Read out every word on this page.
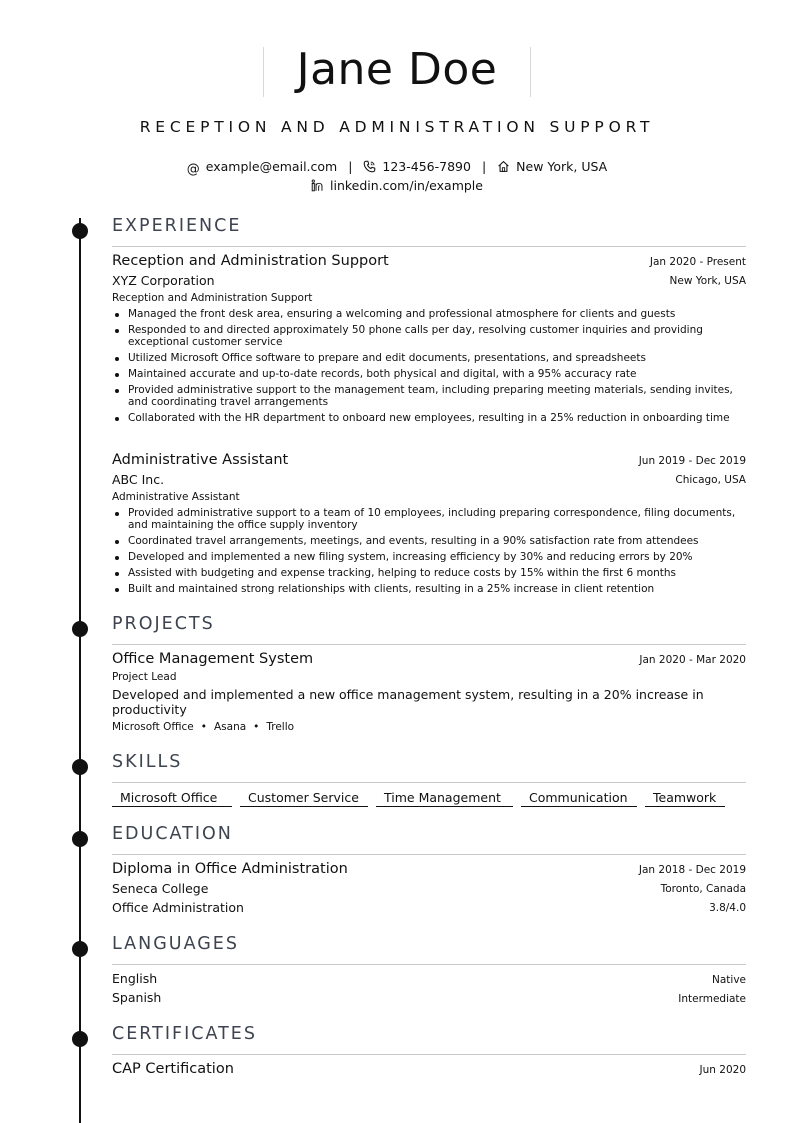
Jane Doe
RECEPTION AND ADMINISTRATION SUPPORT
@ example@email.com | 123-456-7890 | New York, USA
linkedin.com/in/example
EXPERIENCE
Reception and Administration Support	Jan 2020 - Present
XYZ Corporation	New York, USA
Reception and Administration Support
Managed the front desk area, ensuring a welcoming and professional atmosphere for clients and guests
Responded to and directed approximately 50 phone calls per day, resolving customer inquiries and providing exceptional customer service
Utilized Microsoft Office software to prepare and edit documents, presentations, and spreadsheets
Maintained accurate and up-to-date records, both physical and digital, with a 95% accuracy rate
Provided administrative support to the management team, including preparing meeting materials, sending invites, and coordinating travel arrangements
Collaborated with the HR department to onboard new employees, resulting in a 25% reduction in onboarding time
Administrative Assistant	Jun 2019 - Dec 2019
ABC Inc.	Chicago, USA
Administrative Assistant
Provided administrative support to a team of 10 employees, including preparing correspondence, filing documents, and maintaining the office supply inventory
Coordinated travel arrangements, meetings, and events, resulting in a 90% satisfaction rate from attendees
Developed and implemented a new filing system, increasing efficiency by 30% and reducing errors by 20%
Assisted with budgeting and expense tracking, helping to reduce costs by 15% within the first 6 months
Built and maintained strong relationships with clients, resulting in a 25% increase in client retention
PROJECTS
Office Management System	Jan 2020 - Mar 2020
Project Lead
Developed and implemented a new office management system, resulting in a 20% increase in productivity
Microsoft Office • Asana • Trello
SKILLS
Microsoft Office	Customer Service	Time Management	Communication	Teamwork
EDUCATION
Diploma in Office Administration	Jan 2018 - Dec 2019
Seneca College	Toronto, Canada
Office Administration	3.8/4.0
LANGUAGES
English	Native
Spanish	Intermediate
CERTIFICATES
CAP Certification	Jun 2020
